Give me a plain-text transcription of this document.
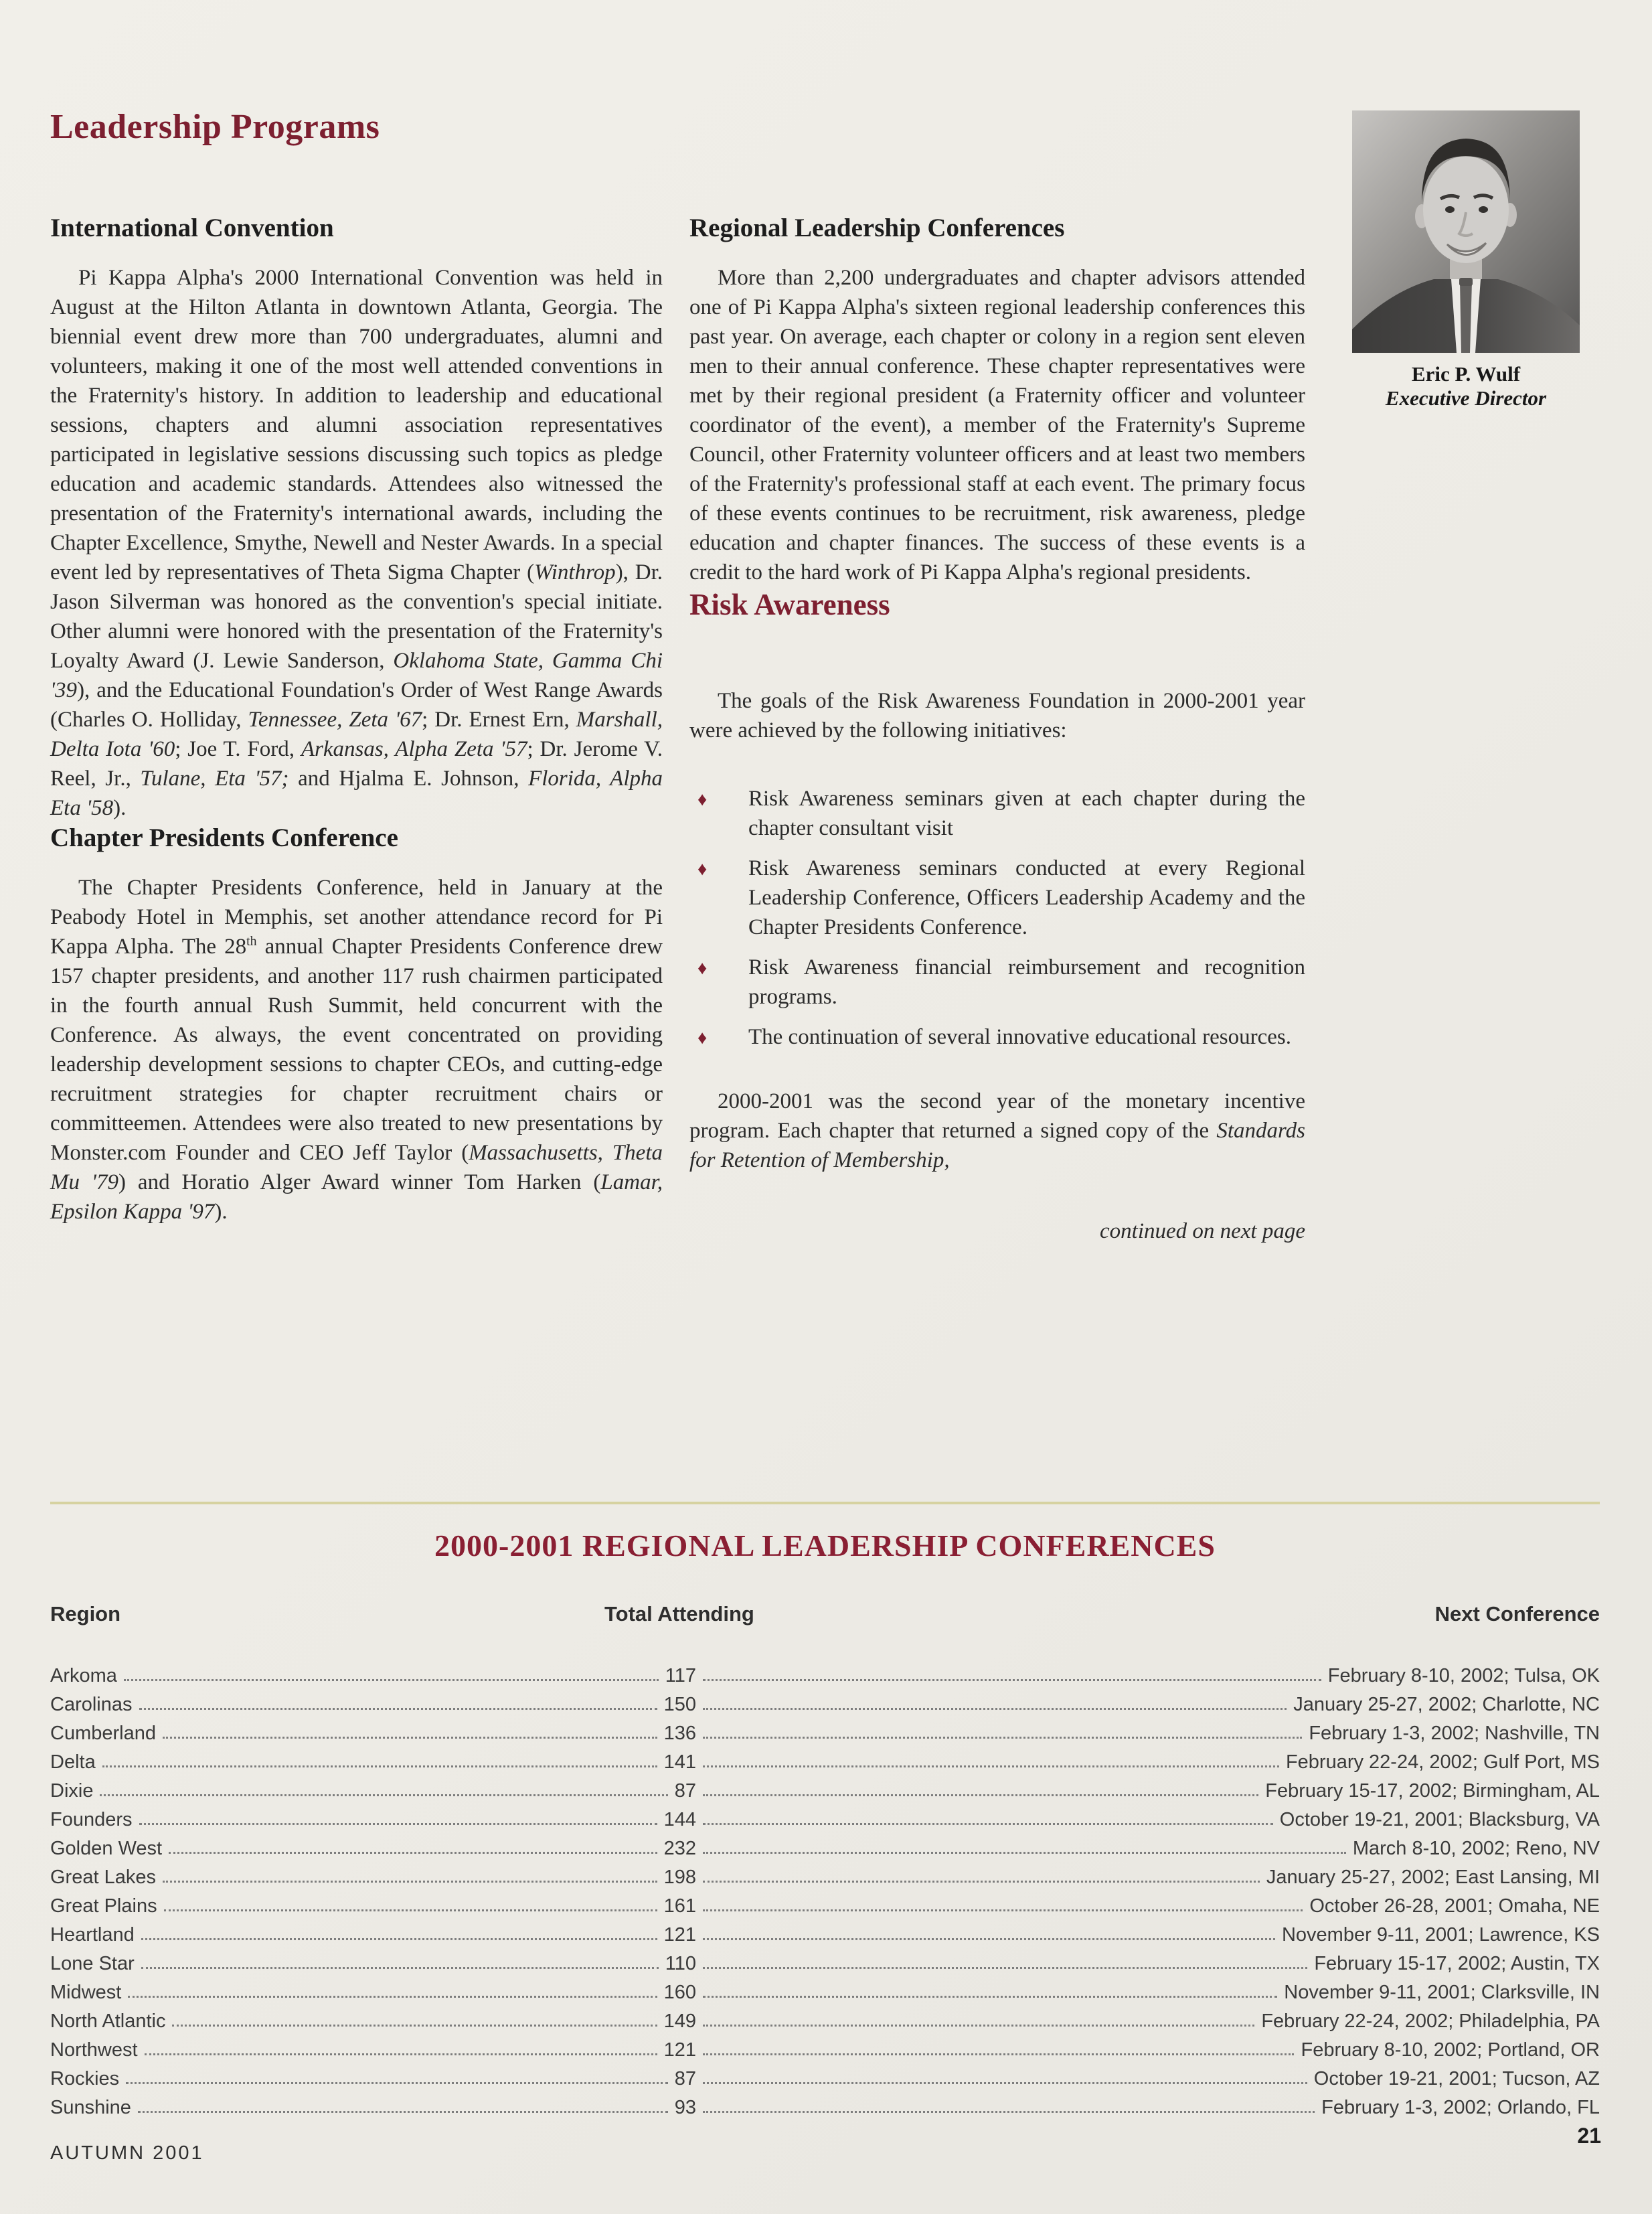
Leadership Programs
International Convention

Pi Kappa Alpha's 2000 International Convention was held in August at the Hilton Atlanta in downtown Atlanta, Georgia. The biennial event drew more than 700 undergraduates, alumni and volunteers, making it one of the most well attended conventions in the Fraternity's history. In addition to leadership and educational sessions, chapters and alumni association representatives participated in legislative sessions discussing such topics as pledge education and academic standards. Attendees also witnessed the presentation of the Fraternity's international awards, including the Chapter Excellence, Smythe, Newell and Nester Awards. In a special event led by representatives of Theta Sigma Chapter (Winthrop), Dr. Jason Silverman was honored as the convention's special initiate. Other alumni were honored with the presentation of the Fraternity's Loyalty Award (J. Lewie Sanderson, Oklahoma State, Gamma Chi '39), and the Educational Foundation's Order of West Range Awards (Charles O. Holliday, Tennessee, Zeta '67; Dr. Ernest Ern, Marshall, Delta Iota '60; Joe T. Ford, Arkansas, Alpha Zeta '57; Dr. Jerome V. Reel, Jr., Tulane, Eta '57; and Hjalma E. Johnson, Florida, Alpha Eta '58).

Chapter Presidents Conference

The Chapter Presidents Conference, held in January at the Peabody Hotel in Memphis, set another attendance record for Pi Kappa Alpha. The 28th annual Chapter Presidents Conference drew 157 chapter presidents, and another 117 rush chairmen participated in the fourth annual Rush Summit, held concurrent with the Conference. As always, the event concentrated on providing leadership development sessions to chapter CEOs, and cutting-edge recruitment strategies for chapter recruitment chairs or committeemen. Attendees were also treated to new presentations by Monster.com Founder and CEO Jeff Taylor (Massachusetts, Theta Mu '79) and Horatio Alger Award winner Tom Harken (Lamar, Epsilon Kappa '97).

Regional Leadership Conferences

More than 2,200 undergraduates and chapter advisors attended one of Pi Kappa Alpha's sixteen regional leadership conferences this past year. On average, each chapter or colony in a region sent eleven men to their annual conference. These chapter representatives were met by their regional president (a Fraternity officer and volunteer coordinator of the event), a member of the Fraternity's Supreme Council, other Fraternity volunteer officers and at least two members of the Fraternity's professional staff at each event. The primary focus of these events continues to be recruitment, risk awareness, pledge education and chapter finances. The success of these events is a credit to the hard work of Pi Kappa Alpha's regional presidents.

Risk Awareness

The goals of the Risk Awareness Foundation in 2000-2001 year were achieved by the following initiatives:

♦ Risk Awareness seminars given at each chapter during the chapter consultant visit
♦ Risk Awareness seminars conducted at every Regional Leadership Conference, Officers Leadership Academy and the Chapter Presidents Conference.
♦ Risk Awareness financial reimbursement and recognition programs.
♦ The continuation of several innovative educational resources.

2000-2001 was the second year of the monetary incentive program. Each chapter that returned a signed copy of the Standards for Retention of Membership,

continued on next page
Eric P. Wulf
Executive Director
2000-2001 REGIONAL LEADERSHIP CONFERENCES
Region	Total Attending	Next Conference
Arkoma	117	February 8-10, 2002; Tulsa, OK
Carolinas	150	January 25-27, 2002; Charlotte, NC
Cumberland	136	February 1-3, 2002; Nashville, TN
Delta	141	February 22-24, 2002; Gulf Port, MS
Dixie	87	February 15-17, 2002; Birmingham, AL
Founders	144	October 19-21, 2001; Blacksburg, VA
Golden West	232	March 8-10, 2002; Reno, NV
Great Lakes	198	January 25-27, 2002; East Lansing, MI
Great Plains	161	October 26-28, 2001; Omaha, NE
Heartland	121	November 9-11, 2001; Lawrence, KS
Lone Star	110	February 15-17, 2002; Austin, TX
Midwest	160	November 9-11, 2001; Clarksville, IN
North Atlantic	149	February 22-24, 2002; Philadelphia, PA
Northwest	121	February 8-10, 2002; Portland, OR
Rockies	87	October 19-21, 2001; Tucson, AZ
Sunshine	93	February 1-3, 2002; Orlando, FL
AUTUMN 2001
21
